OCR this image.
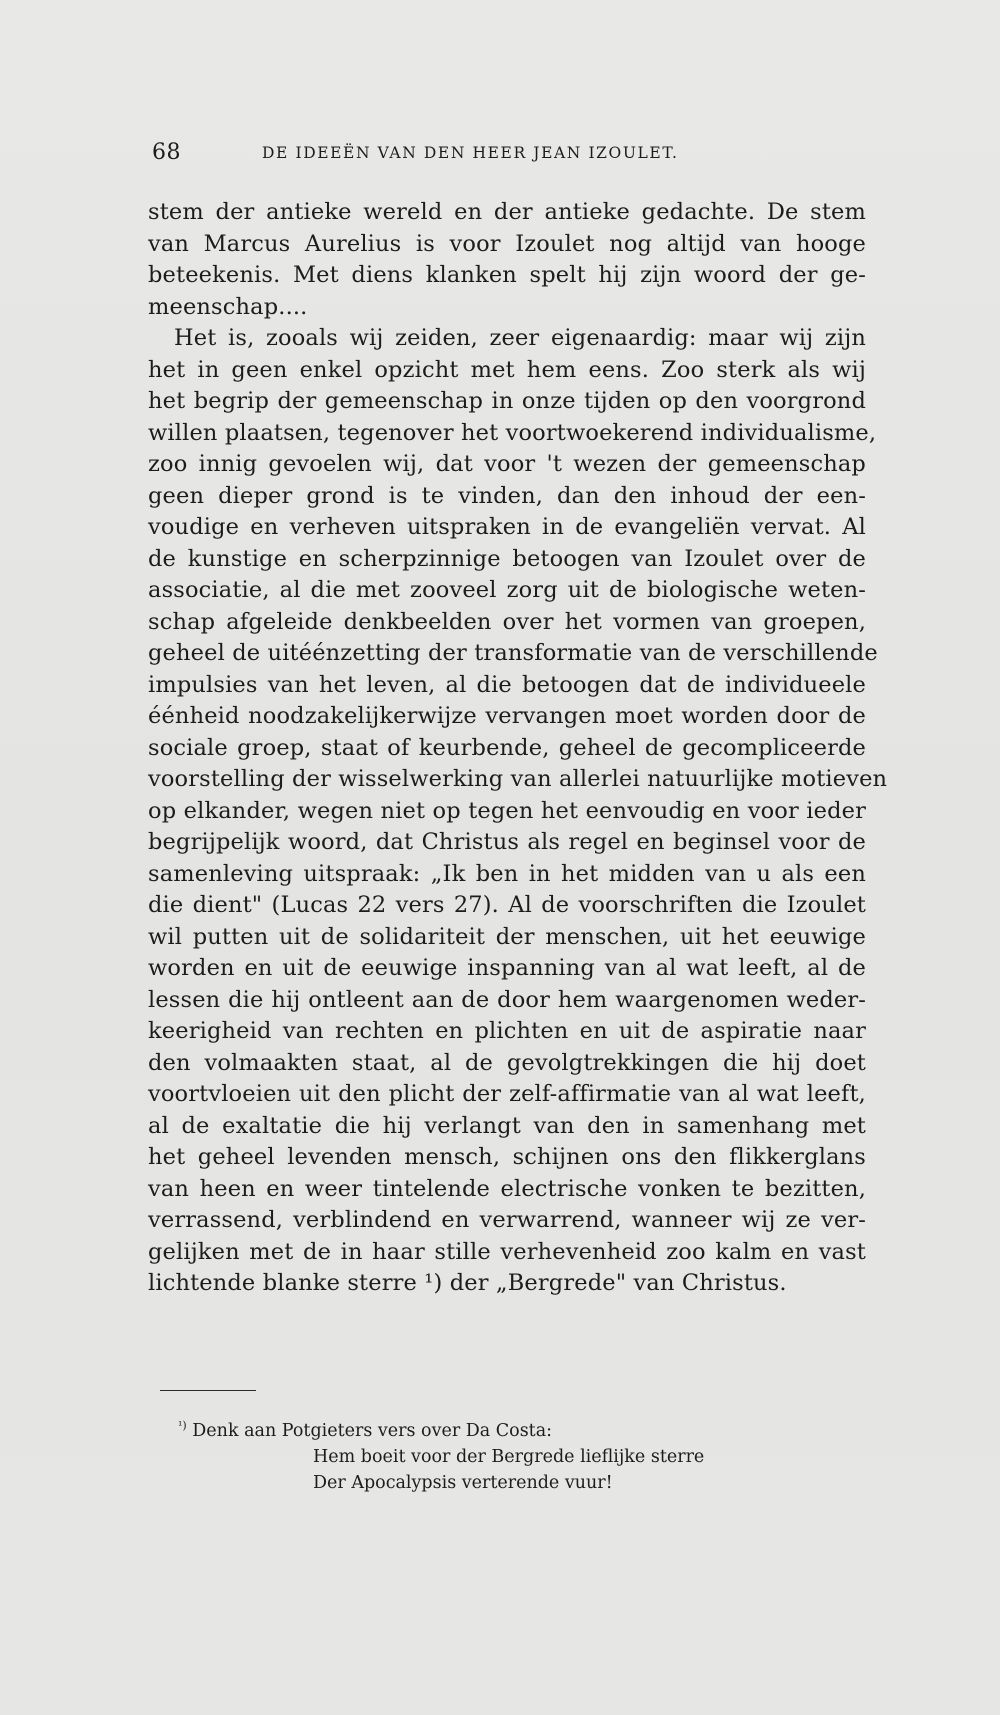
68	DE IDEEËN VAN DEN HEER JEAN IZOULET.
stem der antieke wereld en der antieke gedachte. De stem
van Marcus Aurelius is voor Izoulet nog altijd van hooge
beteekenis. Met diens klanken spelt hij zijn woord der ge-
meenschap....
Het is, zooals wij zeiden, zeer eigenaardig: maar wij zijn
het in geen enkel opzicht met hem eens. Zoo sterk als wij
het begrip der gemeenschap in onze tijden op den voorgrond
willen plaatsen, tegenover het voortwoekerend individualisme,
zoo innig gevoelen wij, dat voor 't wezen der gemeenschap
geen dieper grond is te vinden, dan den inhoud der een-
voudige en verheven uitspraken in de evangeliën vervat. Al
de kunstige en scherpzinnige betoogen van Izoulet over de
associatie, al die met zooveel zorg uit de biologische weten-
schap afgeleide denkbeelden over het vormen van groepen,
geheel de uitéénzetting der transformatie van de verschillende
impulsies van het leven, al die betoogen dat de individueele
éénheid noodzakelijkerwijze vervangen moet worden door de
sociale groep, staat of keurbende, geheel de gecompliceerde
voorstelling der wisselwerking van allerlei natuurlijke motieven
op elkander, wegen niet op tegen het eenvoudig en voor ieder
begrijpelijk woord, dat Christus als regel en beginsel voor de
samenleving uitspraak: „Ik ben in het midden van u als een
die dient" (Lucas 22 vers 27). Al de voorschriften die Izoulet
wil putten uit de solidariteit der menschen, uit het eeuwige
worden en uit de eeuwige inspanning van al wat leeft, al de
lessen die hij ontleent aan de door hem waargenomen weder-
keerigheid van rechten en plichten en uit de aspiratie naar
den volmaakten staat, al de gevolgtrekkingen die hij doet
voortvloeien uit den plicht der zelf-affirmatie van al wat leeft,
al de exaltatie die hij verlangt van den in samenhang met
het geheel levenden mensch, schijnen ons den flikkerglans
van heen en weer tintelende electrische vonken te bezitten,
verrassend, verblindend en verwarrend, wanneer wij ze ver-
gelijken met de in haar stille verhevenheid zoo kalm en vast
lichtende blanke sterre ¹) der „Bergrede" van Christus.
$^{^1)}$ Denk aan Potgieters vers over Da Costa:
Hem boeit voor der Bergrede lieflijke sterre
Der Apocalypsis verterende vuur!
